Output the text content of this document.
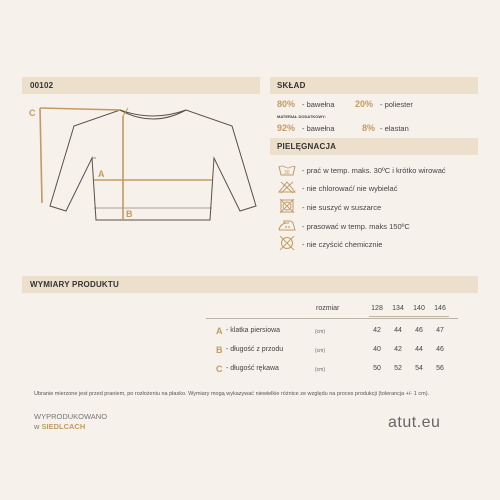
00102
A
B
C
SKŁAD
80% - bawełna 20% - poliester
MATERIAŁ DODATKOWY:
92% - bawełna	8% - elastan
PIELĘGNACJA
30 - prać w temp. maks. 30ºC i krótko wirować
- nie chlorować/ nie wybielać
- nie suszyć w suszarce
- prasować w temp. maks 150ºC
- nie czyścić chemicznie
WYMIARY PRODUKTU
rozmiar	128	134	140	146
A - klatka piersiowa	(cm)	42	44	46	47
B - długość z przodu	(cm)	40	42	44	46
C - długość rękawa	(cm)	50	52	54	56
Ubranie mierzone jest przed praniem, po rozłożeniu na płasko. Wymiary mogą wykazywać niewielkie różnice ze względu na proces produkcji (tolerancja +/- 1 cm).
WYPRODUKOWANO
w SIEDLCACH	atut.eu
